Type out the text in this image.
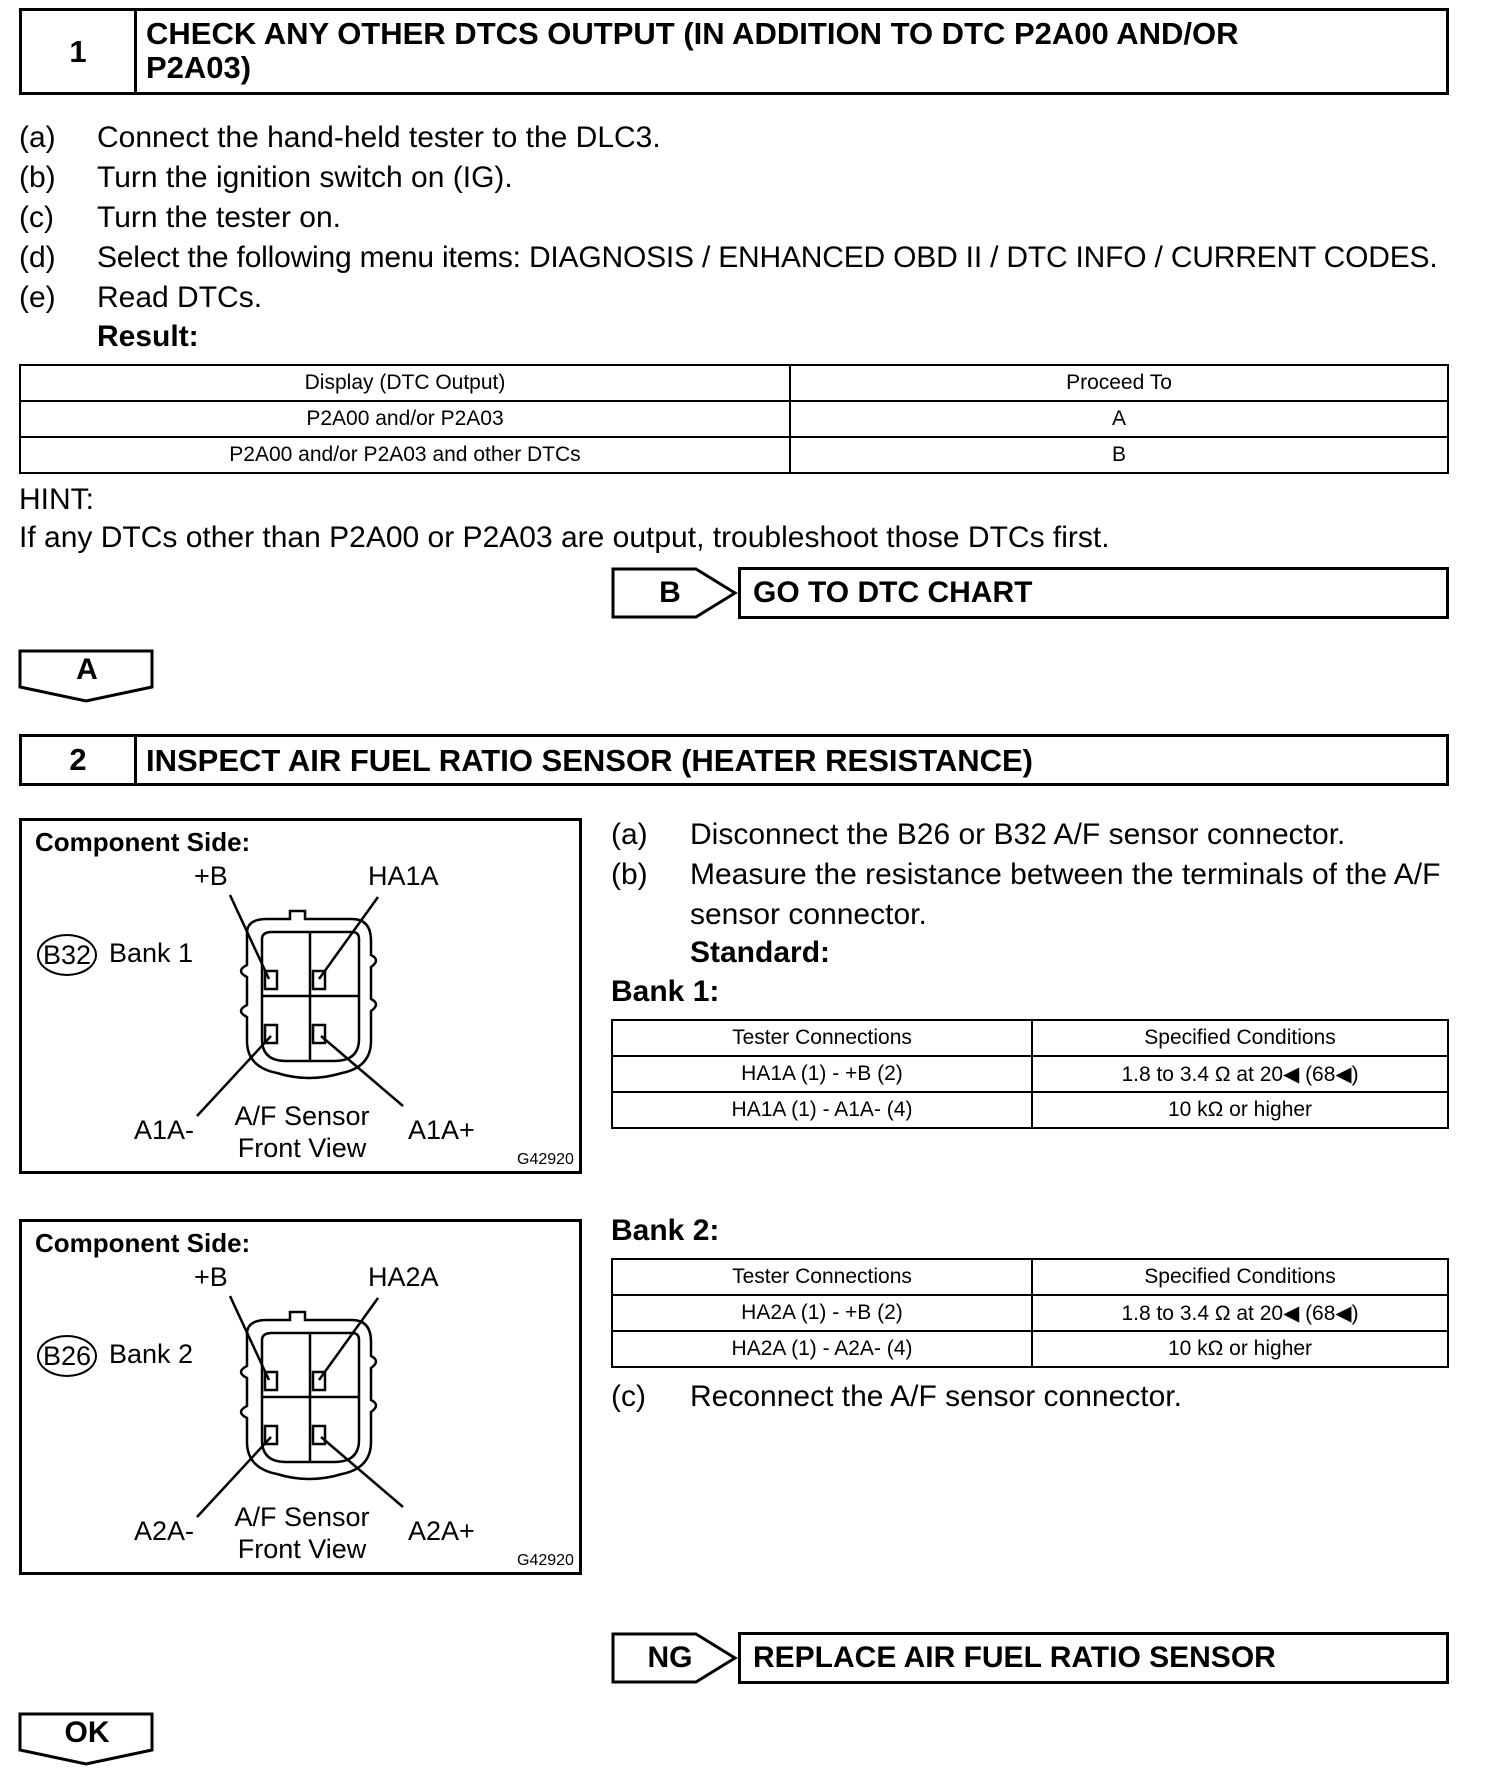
1	CHECK ANY OTHER DTCS OUTPUT (IN ADDITION TO DTC P2A00 AND/OR
P2A03)
(a) Connect the hand-held tester to the DLC3.
(b) Turn the ignition switch on (IG).
(c) Turn the tester on.
(d) Select the following menu items: DIAGNOSIS / ENHANCED OBD II / DTC INFO / CURRENT CODES.
(e) Read DTCs.
Result:
Display (DTC Output)	Proceed To
P2A00 and/or P2A03	A
P2A00 and/or P2A03 and other DTCs	B
HINT:
If any DTCs other than P2A00 or P2A03 are output, troubleshoot those DTCs first.
B	GO TO DTC CHART
A
2	INSPECT AIR FUEL RATIO SENSOR (HEATER RESISTANCE)
Component Side:
+B	HA1A
B32 Bank 1
A1A- A/F Sensor
Front View
A1A+
G42920
Component Side:
+B	HA2A
B26 Bank 2
A2A- A/F Sensor
Front View
A2A+
G42920
(a) Disconnect the B26 or B32 A/F sensor connector.
(b) Measure the resistance between the terminals of the A/F
sensor connector.
Standard:
Bank 1:
Tester Connections	Specified Conditions
HA1A (1) - +B (2)	1.8 to 3.4 Ω at 20◀ (68◀)
HA1A (1) - A1A- (4)	10 kΩ or higher
Bank 2:
Tester Connections	Specified Conditions
HA2A (1) - +B (2)	1.8 to 3.4 Ω at 20◀ (68◀)
HA2A (1) - A2A- (4)	10 kΩ or higher
(c) Reconnect the A/F sensor connector.
NG	REPLACE AIR FUEL RATIO SENSOR
OK
